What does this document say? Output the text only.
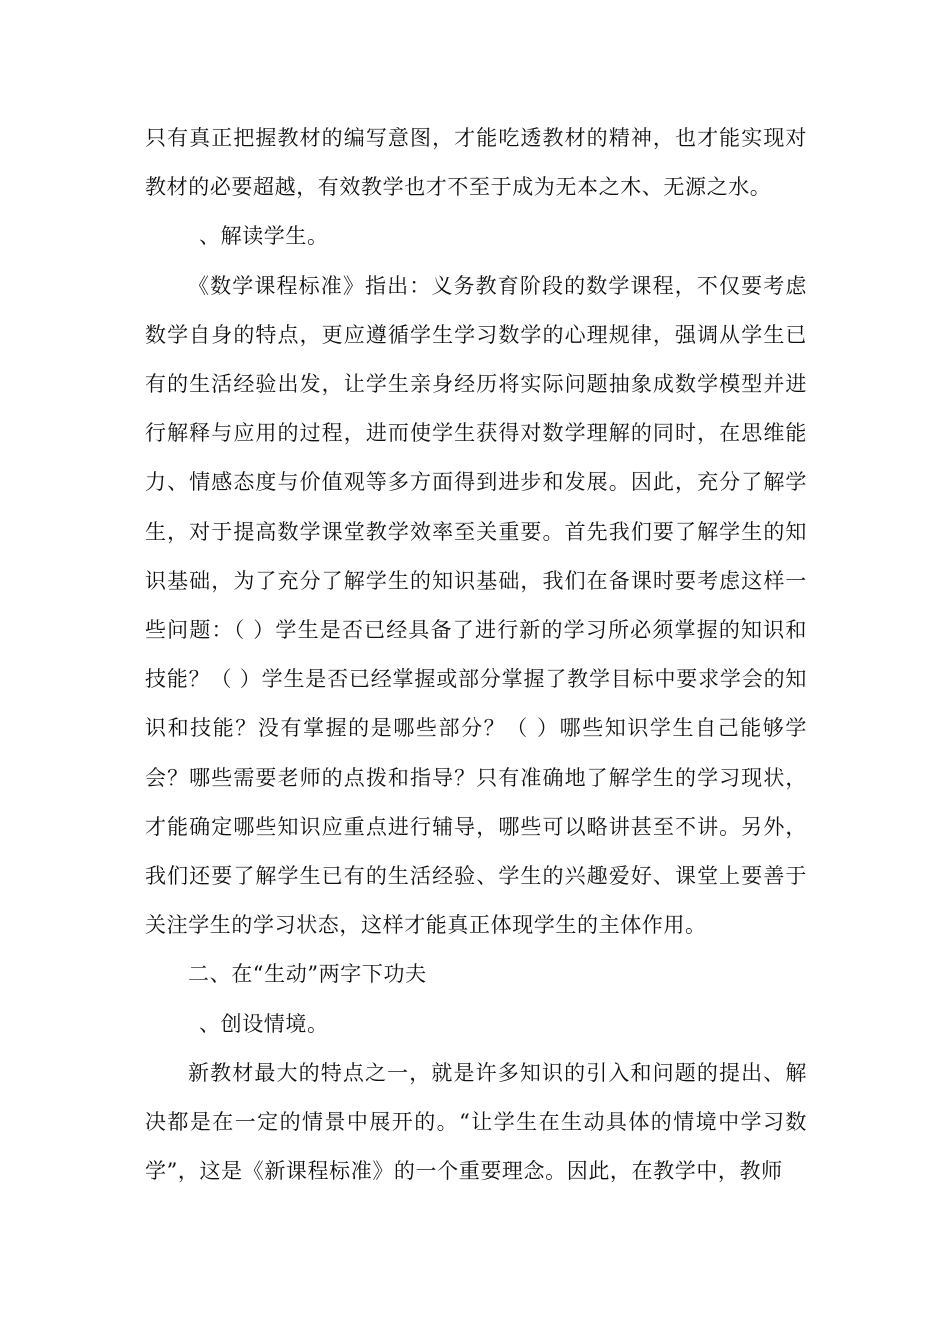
只有真正把握教材的编写意图，才能吃透教材的精神，也才能实现对教材的必要超越，有效教学也才不至于成为无本之木、无源之水。

、解读学生。

《数学课程标准》指出：义务教育阶段的数学课程，不仅要考虑数学自身的特点，更应遵循学生学习数学的心理规律，强调从学生已有的生活经验出发，让学生亲身经历将实际问题抽象成数学模型并进行解释与应用的过程，进而使学生获得对数学理解的同时，在思维能力、情感态度与价值观等多方面得到进步和发展。因此，充分了解学生，对于提高数学课堂教学效率至关重要。首先我们要了解学生的知识基础，为了充分了解学生的知识基础，我们在备课时要考虑这样一些问题：（ ）学生是否已经具备了进行新的学习所必须掌握的知识和技能？（ ）学生是否已经掌握或部分掌握了教学目标中要求学会的知识和技能？没有掌握的是哪些部分？（ ）哪些知识学生自己能够学会？哪些需要老师的点拨和指导？只有准确地了解学生的学习现状，才能确定哪些知识应重点进行辅导，哪些可以略讲甚至不讲。另外，我们还要了解学生已有的生活经验、学生的兴趣爱好、课堂上要善于关注学生的学习状态，这样才能真正体现学生的主体作用。

二、在“生动”两字下功夫

、创设情境。

新教材最大的特点之一，就是许多知识的引入和问题的提出、解决都是在一定的情景中展开的。“让学生在生动具体的情境中学习数学”，这是《新课程标准》的一个重要理念。因此，在教学中，教师
